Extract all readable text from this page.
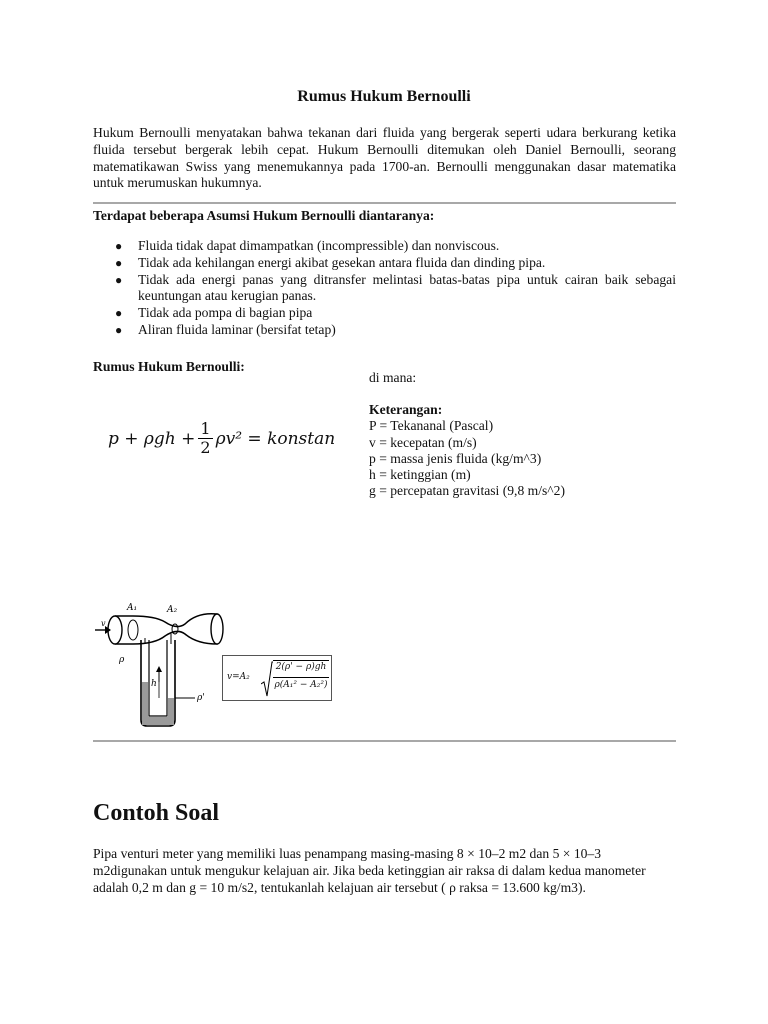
Rumus Hukum Bernoulli
Hukum Bernoulli menyatakan bahwa tekanan dari fluida yang bergerak seperti udara berkurang ketika fluida tersebut bergerak lebih cepat. Hukum Bernoulli ditemukan oleh Daniel Bernoulli, seorang matematikawan Swiss yang menemukannya pada 1700-an. Bernoulli menggunakan dasar matematika untuk merumuskan hukumnya.
Terdapat beberapa Asumsi Hukum Bernoulli diantaranya:
● Fluida tidak dapat dimampatkan (incompressible) dan nonviscous.
● Tidak ada kehilangan energi akibat gesekan antara fluida dan dinding pipa.
● Tidak ada energi panas yang ditransfer melintasi batas-batas pipa untuk cairan baik sebagai keuntungan atau kerugian panas.
● Tidak ada pompa di bagian pipa
● Aliran fluida laminar (bersifat tetap)
Rumus Hukum Bernoulli:
$p + \rho gh + \frac{1}{2} \rho v^2$ = konstan
di mana:
Keterangan:
P = Tekananal (Pascal)
v = kecepatan (m/s)
p = massa jenis fluida (kg/m^3)
h = ketinggian (m)
g = percepatan gravitasi (9,8 m/s^2)
A₁	A₂
v
ρ
h
ρ'
v=A₂
2(ρ' − ρ)gh
ρ(A₁² − A₂²)
Contoh Soal
Pipa venturi meter yang memiliki luas penampang masing-masing 8 × 10–2 m2 dan 5 × 10–3 m2digunakan untuk mengukur kelajuan air. Jika beda ketinggian air raksa di dalam kedua manometer adalah 0,2 m dan g = 10 m/s2, tentukanlah kelajuan air tersebut ( ρ raksa = 13.600 kg/m3).
